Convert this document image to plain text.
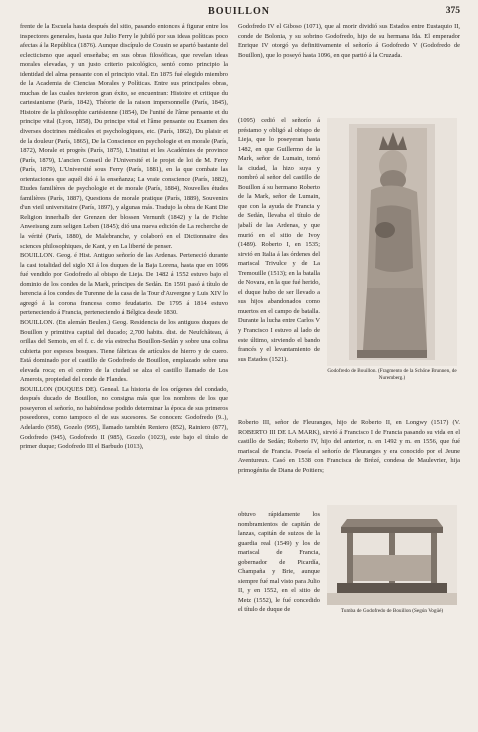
BOUILLON	375

frente de la Escuela hasta después del sitio, pasando entonces á figurar entre los inspectores generales, hasta que Julio Ferry le jubiló por sus ideas políticas poco afectas á la República (1876). Aunque discípulo de Cousin se apartó bastante del eclecticismo que aquel enseñaba; en sus obras filosóficas, que revelan ideas morales elevadas, y un justo criterio psicológico, sentó como principio la identidad del alma pensante con el principio vital. En 1875 fué elegido miembro de la Academia de Ciencias Morales y Políticas. Entre sus principales obras, muchas de las cuales tuvieron gran éxito, se encuentran: Histoire et critique du cartesianisme (París, 1842), Théorie de la raison impersonnelle (París, 1845), Histoire de la philosophie cartésienne (1854), De l'unité de l'âme pensante et du principe vital (Lyon, 1858), Du principe vital et l'âme pensante ou Examen des diverses doctrines médicales et psychologiques, etc. (París, 1862), Du plaisir et de la douleur (París, 1865), De la Conscience en psychologie et en morale (París, 1872), Morale et progrès (París, 1875), L'institut et les Académies de province (París, 1879), L'ancien Conseil de l'Université et le projet de loi de M. Ferry (París, 1879), L'Université sous Ferry (París, 1881), en la que combate las orientaciones que aquél dió á la enseñanza; La vraie conscience (París, 1882), Etudes familières de psychologie et de morale (París, 1884), Nouvelles études familières (París, 1887), Questions de morale pratique (París, 1889), Souvenirs d'un vieil universitaire (París, 1897), y algunas más. Tradujo la obra de Kant Die Religion innerhalb der Grenzen der blossen Vernunft (1842) y la de Fichte Anweisung zum seligen Leben (1845); dió una nueva edición de La recherche de la vérité (París, 1880), de Malebranche, y colaboró en el Dictionnaire des sciences philosophiques, de Kant, y en La liberté de penser.

BOUILLON. Geog. é Hist. Antiguo señorío de las Ardenas. Perteneció durante la casi totalidad del siglo XI á los duques de la Baja Lorena, hasta que en 1096 fué vendido por Godofredo al obispo de Lieja. De 1482 á 1552 estuvo bajo el dominio de los condes de la Mark, príncipes de Sedán. En 1591 pasó á título de herencia á los condes de Turenne de la casa de la Tour d'Auvergne y Luis XIV lo agregó á la corona francesa como feudatario. De 1795 á 1814 estuvo perteneciendo á Francia, perteneciendo á Bélgica desde 1830.

BOUILLON. (En alemán Beulen.) Geog. Residencia de los antiguos duques de Bouillon y primitiva capital del ducado; 2,700 habits. dist. de Neufchâteau, á orillas del Semois, en el f. c. de vía estrecha Bouillon-Sedán y sobre una colina cubierta por espesos bosques. Tiene fábricas de artículos de hierro y de cuero. Está dominado por el castillo de Godofredo de Bouillon, emplazado sobre una elevada roca; en el centro de la ciudad se alza el castillo llamado de Los Amerois, propiedad del conde de Flandes.

BOUILLON (DUQUES DE). Geneal. La historia de los orígenes del condado, después ducado de Bouillon, no consigna más que los nombres de los que poseyeron el señorío, no habiéndose podido determinar la época de sus primeros poseedores, como tampoco el de sus sucesores. Se conocen: Godofredo (9..), Adelardo (958), Gozelo (995), llamado también Reniero (852), Rainiero (877), Godofredo (945), Godofredo II (985), Gozelo (1023), este bajo el título de primer duque; Godofredo III el Barbudo (1013),

Godofredo IV el Giboso (1071), que al morir dividió sus Estados entre Eustaquio II, conde de Bolonia, y su sobrino Godofredo, hijo de su hermana Ida. El emperador Enrique IV otorgó ya definitivamente el señorío á Godofredo V (Godofredo de Bouillon), que lo poseyó hasta 1096, en que partió á la Cruzada.

(1095) cedió el señorío á préstamo y obligó al obispo de Lieja, que lo poseyeran hasta 1482, en que Guillermo de la Mark, señor de Lumain, tomó la ciudad, la hizo suya y nombró al señor del castillo de Bouillon á su hermano Roberto de la Mark, señor de Lumain, que con la ayuda de Francia y de Sedán, llevaba el título de jabalí de las Ardenas, y que murió en el sitio de Ivoy (1489). Roberto I, en 1535; sirvió en Italia á las órdenes del mariscal Trivulce y de La Tremouille (1513); en la batalla de Novara, en la que fué herido, el duque hubo de ser llevado a sus hijos abandonados como muertos en el campo de batalla. Durante la lucha entre Carlos V y Francisco I estuvo al lado de este último, sirviendo el bando francés y el levantamiento de sus Estados (1521).

Roberto III, señor de Fleuranges, hijo de Roberto II, en Longwy (1517) (V. ROBERTO III DE LA MARK), sirvió á Francisco I de Francia pasando su vida en el castillo de Sedán; Roberto IV, hijo del anterior, n. en 1492 y m. en 1556, que fué mariscal de Francia. Poseía el señorío de Fleuranges y era conocido por el Jeune Aventureux. Casó en 1538 con Francisca de Brézé, condesa de Maulevrier, hija primogénita de Diana de Poitiers;

obtuvo rápidamente los nombramientos de capitán de lanzas, capitán de suizos de la guardia real (1549) y los de mariscal de Francia, gobernador de Picardía, Champaña y Brie, aunque siempre fué mal visto para Julio II, y en 1552, en el sitio de Metz (1552), le fué concedido el título de duque de

Godofredo de Bouillon. (Fragmento de la Schöne Brunnen, de Nuremberg.)
Tumba de Godofredo de Bouillon (Según Vogüé)
